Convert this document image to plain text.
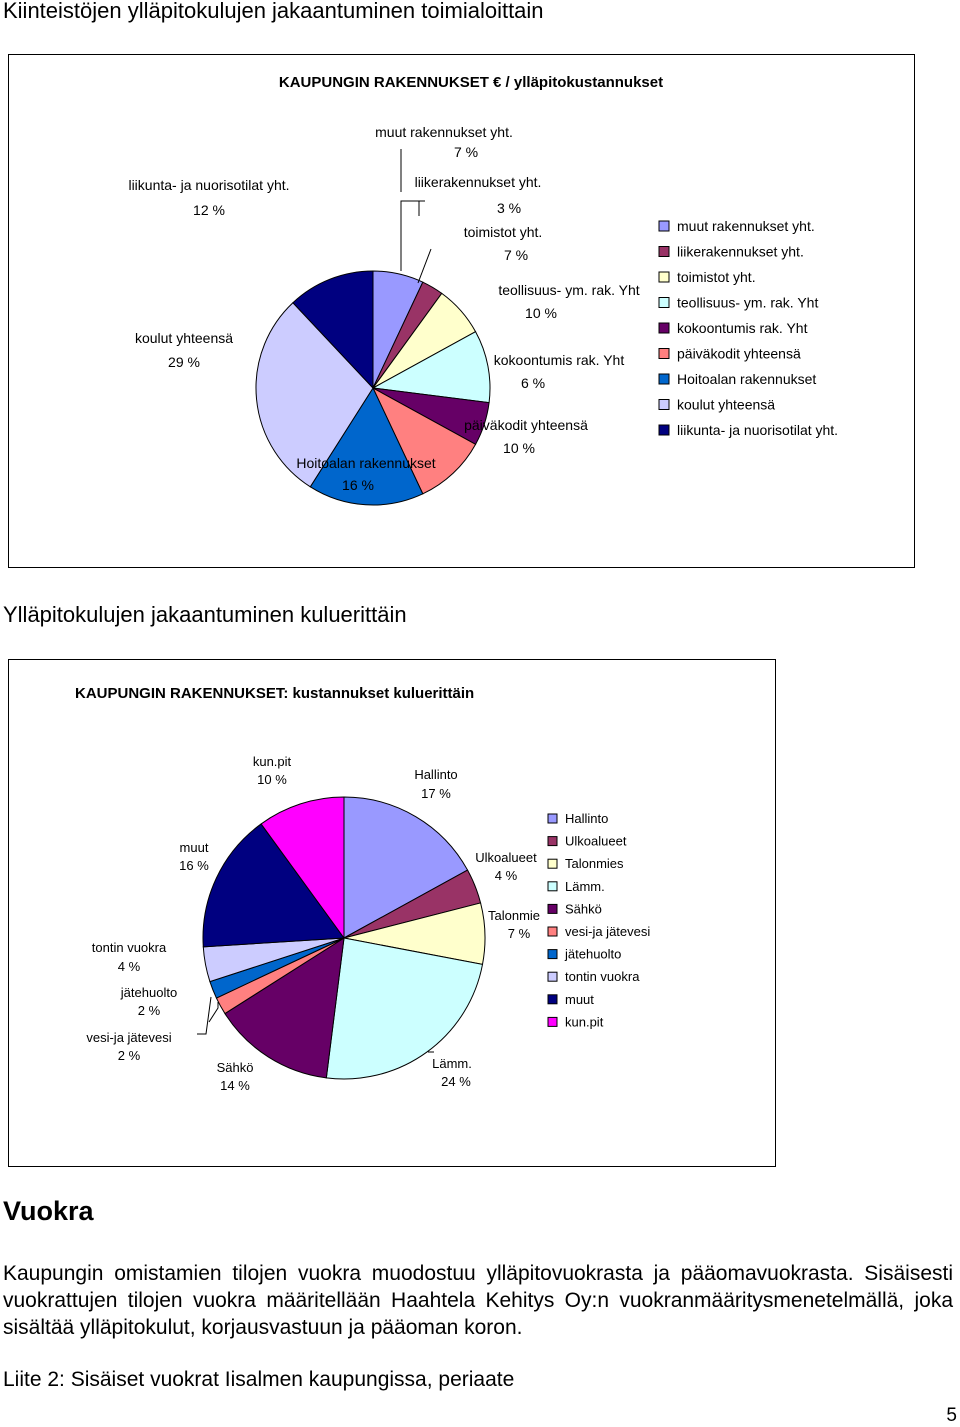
Kiinteistöjen ylläpitokulujen jakaantuminen toimialoittain
KAUPUNGIN RAKENNUKSET € / ylläpitokustannukset
muut rakennukset yht.
7 %
liikerakennukset yht.
3 %
toimistot yht.
7 %
teollisuus- ym. rak. Yht
10 %
kokoontumis rak. Yht
6 %
päiväkodit yhteensä
10 %
Hoitoalan rakennukset
16 %
koulut yhteensä
29 %
liikunta- ja nuorisotilat yht.
12 %
muut rakennukset yht.
liikerakennukset yht.
toimistot yht.
teollisuus- ym. rak. Yht
kokoontumis rak. Yht
päiväkodit yhteensä
Hoitoalan rakennukset
koulut yhteensä
liikunta- ja nuorisotilat yht.
Ylläpitokulujen jakaantuminen kuluerittäin
KAUPUNGIN RAKENNUKSET: kustannukset kuluerittäin
Hallinto
17 %
Ulkoalueet
4 %
Talonmie
7 %
Lämm.
24 %
Sähkö
14 %
vesi-ja jätevesi
2 %
jätehuolto
2 %
tontin vuokra
4 %
muut
16 %
kun.pit
10 %
Hallinto
Ulkoalueet
Talonmies
Lämm.
Sähkö
vesi-ja jätevesi
jätehuolto
tontin vuokra
muut
kun.pit
Vuokra

Kaupungin omistamien tilojen vuokra muodostuu ylläpitovuokrasta ja pääomavuokrasta. Sisäisesti vuokrattujen tilojen vuokra määritellään Haahtela Kehitys Oy:n vuokranmääritysmenetelmällä, joka sisältää ylläpitokulut, korjausvastuun ja pääoman koron.

Liite 2: Sisäiset vuokrat Iisalmen kaupungissa, periaate

5
